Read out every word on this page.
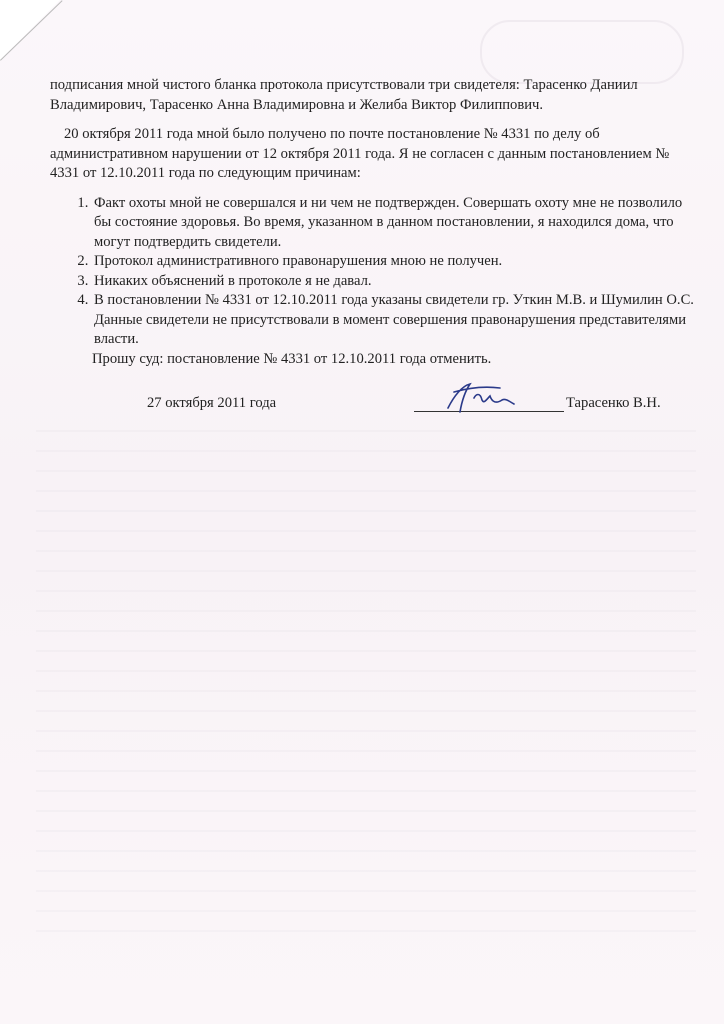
подписания мной чистого бланка протокола присутствовали три свидетеля: Тарасенко Даниил Владимирович, Тарасенко Анна Владимировна и Желиба Виктор Филиппович.

20 октября 2011 года мной было получено по почте постановление № 4331 по делу об административном нарушении от 12 октября 2011 года. Я не согласен с данным постановлением № 4331 от 12.10.2011 года по следующим причинам:

1. Факт охоты мной не совершался и ни чем не подтвержден. Совершать охоту мне не позволило бы состояние здоровья. Во время, указанном в данном постановлении, я находился дома, что могут подтвердить свидетели.
2. Протокол административного правонарушения мною не получен.
3. Никаких объяснений в протоколе я не давал.
4. В постановлении № 4331 от 12.10.2011 года указаны свидетели гр. Уткин М.В. и Шумилин О.С. Данные свидетели не присутствовали в момент совершения правонарушения представителями власти.

Прошу суд: постановление № 4331 от 12.10.2011 года отменить.

27 октября 2011 года	Тарасенко В.Н.
